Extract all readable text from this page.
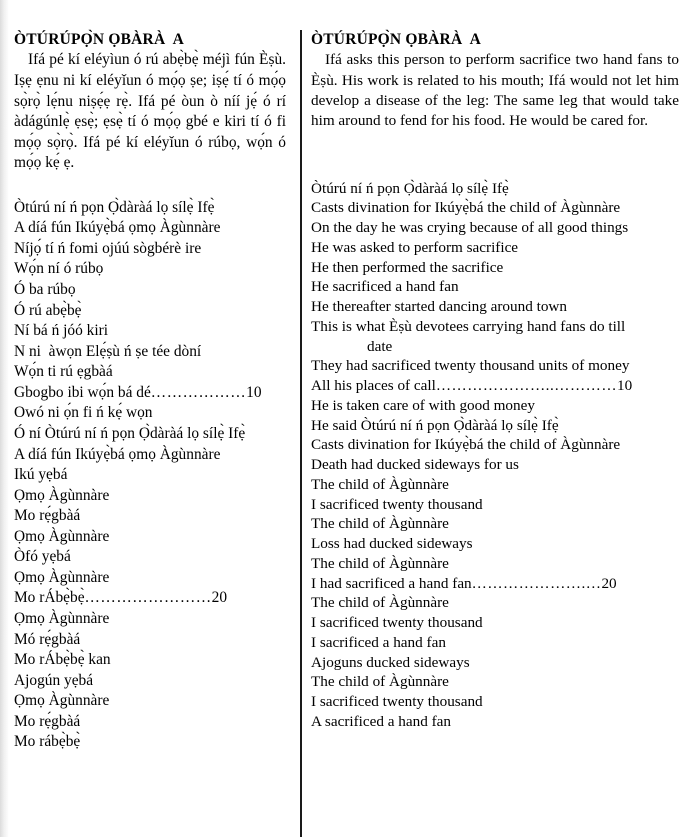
ÒTÚRÚPỌ̀N ỌBÀRÀ  A

Ifá pé kí eléyìun ó rú abẹ̀bẹ̀ méjì fún Èṣù. Iṣẹ ẹnu ni kí eléyǐun ó mọ́ọ ṣe; iṣẹ́ tí ó mọ́ọ sọ̀rọ̀ lẹ́nu niṣẹ́ẹ rẹ̀. Ifá pé òun ò níí jẹ́ ó rí àdágúnlẹ̀ ẹsẹ̀; ẹsẹ̀ tí ó mọ́ọ gbé e kiri tí ó fi mọ́ọ sọ̀rọ̀. Ifá pé kí eléyǐun ó rúbọ, wọ́n ó mọ́ọ kẹ́ ẹ.

Òtúrú ní ń pọn Ọ̀dàràá lọ sílẹ̀ Ifẹ̀
A díá fún Ikúyẹ̀bá ọmọ Àgùnnàre
Níjọ́ tí ń fomi ojúú sògbérè ire
Wọ́n ní ó rúbọ
Ó ba rúbọ
Ó rú abẹ̀bẹ̀
Ní bá ń jóó kiri
N ni  àwọn Elẹ́ṣù ń ṣe tée dòní
Wọ́n ti rú ẹgbàá
Gbogbo ibi wọ́n bá dé ……………… 10
Owó ni ọ́n fi ń kẹ́ wọn
Ó ní Òtúrú ní ń pọn Ọ̀dàràá lọ sílẹ̀ Ifẹ̀
A díá fún Ikúyẹ̀bá ọmọ Àgùnnàre
Ikú yẹbá
Ọmọ Àgùnnàre
Mo rẹ́gbàá
Ọmọ Àgùnnàre
Òfó yẹbá
Ọmọ Àgùnnàre
Mo rÁbẹ̀bẹ̀ …………………… 20
Ọmọ Àgùnnàre
Mó rẹ́gbàá
Mo rÁbẹ̀bẹ̀ kan
Ajogún yẹbá
Ọmọ Àgùnnàre
Mo rẹ́gbàá
Mo rábẹ̀bẹ̀
ÒTÚRÚPỌ̀N ỌBÀRÀ  A

Ifá asks this person to perform sacrifice two hand fans to Èṣù. His work is related to his mouth; Ifá would not let him develop a disease of the leg: The same leg that would take him around to fend for his food. He would be cared for.

Òtúrú ní ń pọn Ọ̀dàràá lọ sílẹ̀ Ifẹ̀
Casts divination for Ikúyẹ̀bá the child of Àgùnnàre
On the day he was crying because of all good things
He was asked to perform sacrifice
He then performed the sacrifice
He sacrificed a hand fan
He thereafter started dancing around town
This is what Èṣù devotees carrying hand fans do till
date
They had sacrificed twenty thousand units of money
All his places of call …………………..………… 10
He is taken care of with good money
He said Òtúrú ní ń pọn Ọ̀dàràá lọ sílẹ̀ Ifẹ̀
Casts divination for Ikúyẹ̀bá the child of Àgùnnàre
Death had ducked sideways for us
The child of Àgùnnàre
I sacrificed twenty thousand
The child of Àgùnnàre
Loss had ducked sideways
The child of Àgùnnàre
I had sacrificed a hand fan ………………….… 20
The child of Àgùnnàre
I sacrificed twenty thousand
I sacrificed a hand fan
Ajoguns ducked sideways
The child of Àgùnnàre
I sacrificed twenty thousand
A sacrificed a hand fan
